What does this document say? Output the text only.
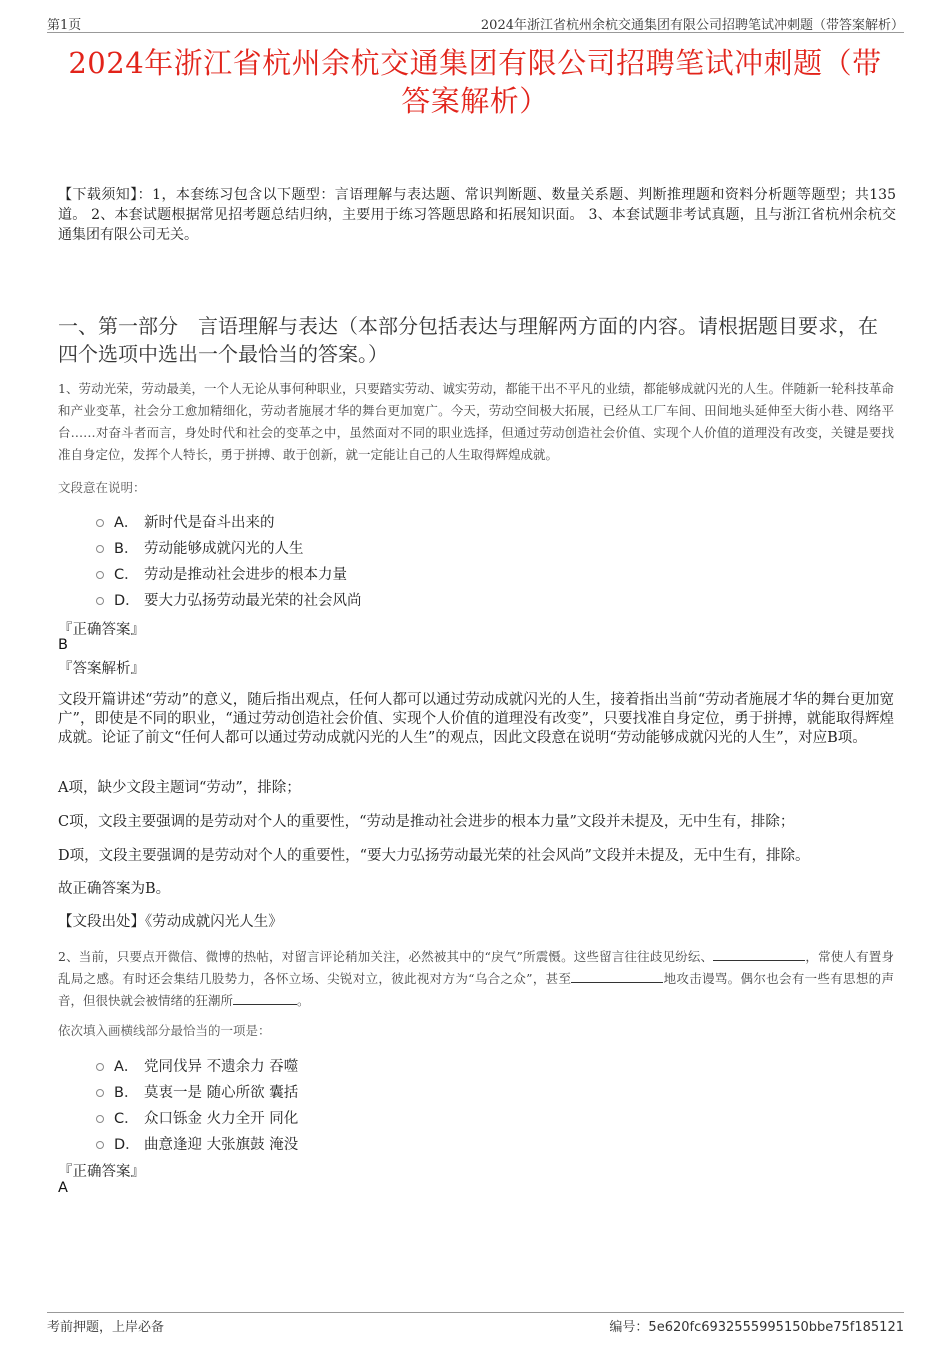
第1页	2024年浙江省杭州余杭交通集团有限公司招聘笔试冲刺题（带答案解析）
2024年浙江省杭州余杭交通集团有限公司招聘笔试冲刺题（带
答案解析）
【下载须知】：1，本套练习包含以下题型：言语理解与表达题、常识判断题、数量关系题、判断推理题和资料分析题等题型；共135道。 2、本套试题根据常见招考题总结归纳，主要用于练习答题思路和拓展知识面。 3、本套试题非考试真题，且与浙江省杭州余杭交通集团有限公司无关。
一、第一部分　言语理解与表达（本部分包括表达与理解两方面的内容。请根据题目要求，在四个选项中选出一个最恰当的答案。）
1、劳动光荣，劳动最美，一个人无论从事何种职业，只要踏实劳动、诚实劳动，都能干出不平凡的业绩，都能够成就闪光的人生。伴随新一轮科技革命和产业变革，社会分工愈加精细化，劳动者施展才华的舞台更加宽广。今天，劳动空间极大拓展，已经从工厂车间、田间地头延伸至大街小巷、网络平台……对奋斗者而言，身处时代和社会的变革之中，虽然面对不同的职业选择，但通过劳动创造社会价值、实现个人价值的道理没有改变，关键是要找准自身定位，发挥个人特长，勇于拼搏、敢于创新，就一定能让自己的人生取得辉煌成就。
文段意在说明：
A． 新时代是奋斗出来的
B． 劳动能够成就闪光的人生
C． 劳动是推动社会进步的根本力量
D． 要大力弘扬劳动最光荣的社会风尚
『正确答案』
B
『答案解析』
文段开篇讲述“劳动”的意义，随后指出观点，任何人都可以通过劳动成就闪光的人生，接着指出当前“劳动者施展才华的舞台更加宽广”，即使是不同的职业，“通过劳动创造社会价值、实现个人价值的道理没有改变”，只要找准自身定位，勇于拼搏，就能取得辉煌成就。论证了前文“任何人都可以通过劳动成就闪光的人生”的观点，因此文段意在说明“劳动能够成就闪光的人生”，对应B项。
A项，缺少文段主题词“劳动”，排除；
C项，文段主要强调的是劳动对个人的重要性，“劳动是推动社会进步的根本力量”文段并未提及，无中生有，排除；
D项，文段主要强调的是劳动对个人的重要性，“要大力弘扬劳动最光荣的社会风尚”文段并未提及，无中生有，排除。
故正确答案为B。
【文段出处】《劳动成就闪光人生》
2、当前，只要点开微信、微博的热帖，对留言评论稍加关注，必然被其中的“戾气”所震慑。这些留言往往歧见纷纭、	，常使人有置身乱局之感。有时还会集结几股势力，各怀立场、尖锐对立，彼此视对方为“乌合之众”，甚至	地攻击谩骂。偶尔也会有一些有思想的声音，但很快就会被情绪的狂潮所	。
依次填入画横线部分最恰当的一项是：
A． 党同伐异 不遗余力 吞噬
B． 莫衷一是 随心所欲 囊括
C． 众口铄金 火力全开 同化
D． 曲意逢迎 大张旗鼓 淹没
『正确答案』
A
考前押题，上岸必备	编号：5e620fc6932555995150bbe75f185121
